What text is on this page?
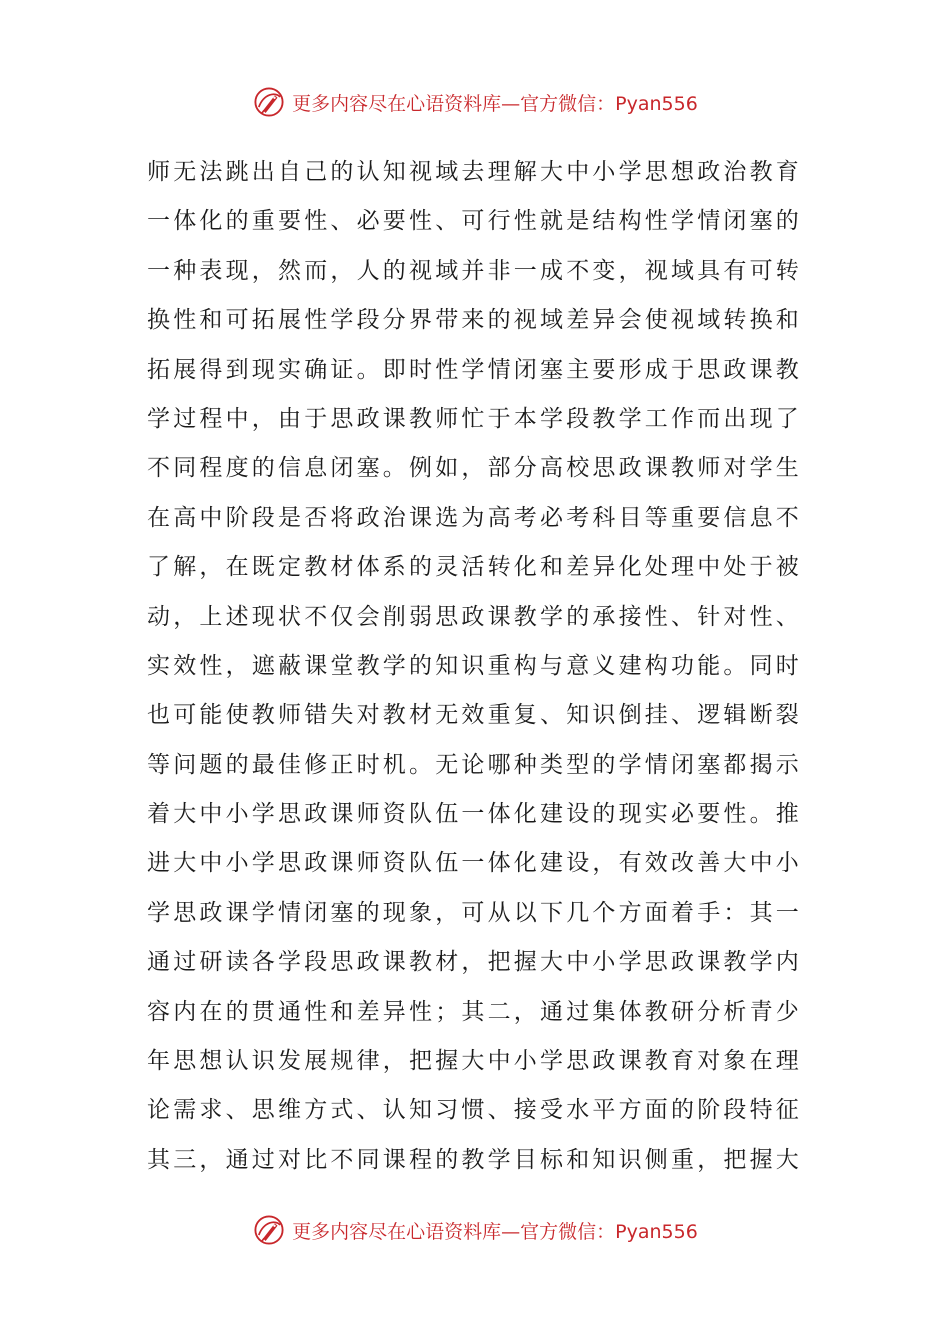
更多内容尽在心语资料库—官方微信：Pyan556
师无法跳出自己的认知视域去理解大中小学思想政治教育
一体化的重要性、必要性、可行性就是结构性学情闭塞的
一种表现，然而，人的视域并非一成不变，视域具有可转
换性和可拓展性学段分界带来的视域差异会使视域转换和
拓展得到现实确证。即时性学情闭塞主要形成于思政课教
学过程中，由于思政课教师忙于本学段教学工作而出现了
不同程度的信息闭塞。例如，部分高校思政课教师对学生
在高中阶段是否将政治课选为高考必考科目等重要信息不
了解，在既定教材体系的灵活转化和差异化处理中处于被
动，上述现状不仅会削弱思政课教学的承接性、针对性、
实效性，遮蔽课堂教学的知识重构与意义建构功能。同时
也可能使教师错失对教材无效重复、知识倒挂、逻辑断裂
等问题的最佳修正时机。无论哪种类型的学情闭塞都揭示
着大中小学思政课师资队伍一体化建设的现实必要性。推
进大中小学思政课师资队伍一体化建设，有效改善大中小
学思政课学情闭塞的现象，可从以下几个方面着手：其一
通过研读各学段思政课教材，把握大中小学思政课教学内
容内在的贯通性和差异性；其二，通过集体教研分析青少
年思想认识发展规律，把握大中小学思政课教育对象在理
论需求、思维方式、认知习惯、接受水平方面的阶段特征
其三，通过对比不同课程的教学目标和知识侧重，把握大
更多内容尽在心语资料库—官方微信：Pyan556
